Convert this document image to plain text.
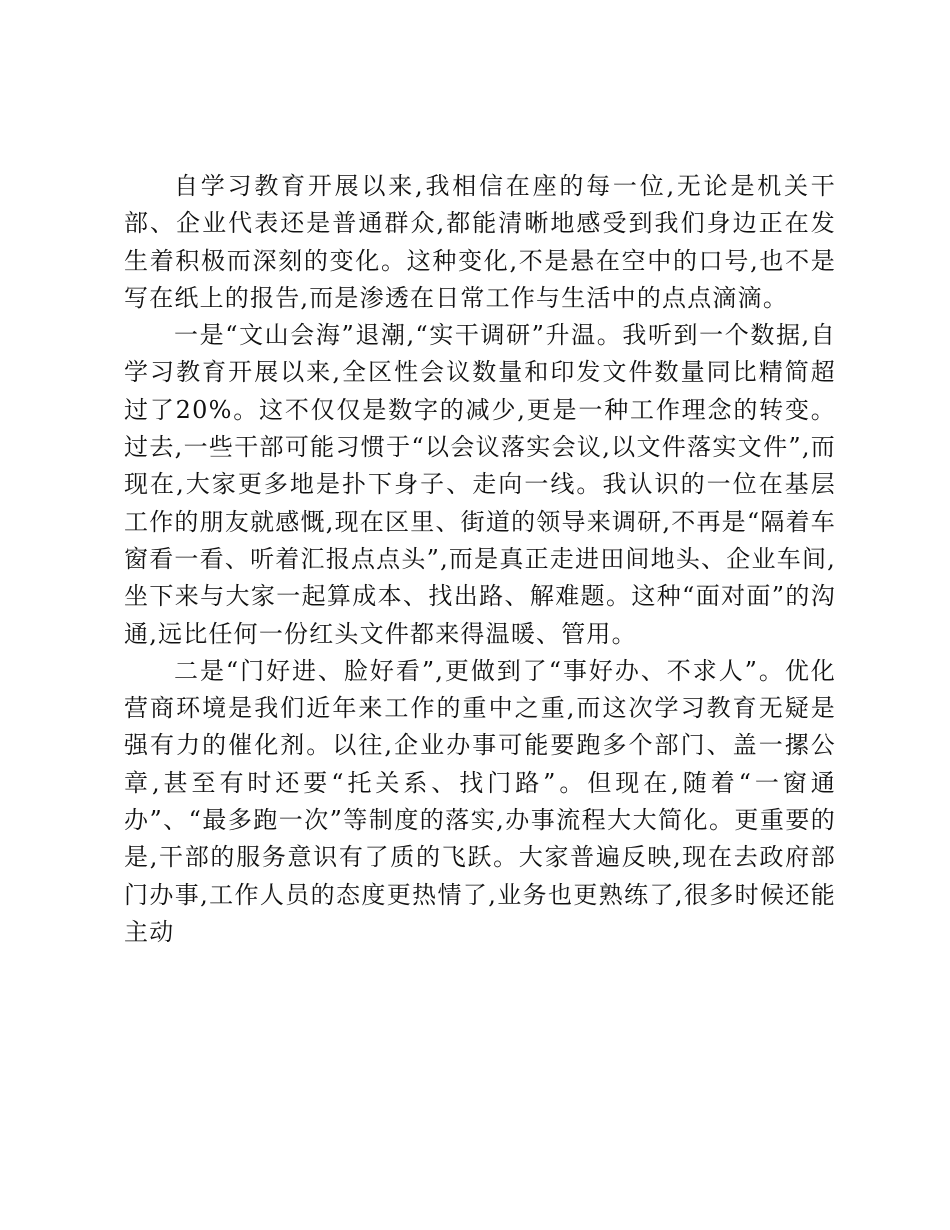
自学习教育开展以来,我相信在座的每一位,无论是机关干部、企业代表还是普通群众,都能清晰地感受到我们身边正在发生着积极而深刻的变化。这种变化,不是悬在空中的口号,也不是写在纸上的报告,而是渗透在日常工作与生活中的点点滴滴。

一是“文山会海”退潮,“实干调研”升温。我听到一个数据,自学习教育开展以来,全区性会议数量和印发文件数量同比精简超过了20%。这不仅仅是数字的减少,更是一种工作理念的转变。过去,一些干部可能习惯于“以会议落实会议,以文件落实文件”,而现在,大家更多地是扑下身子、走向一线。我认识的一位在基层工作的朋友就感慨,现在区里、街道的领导来调研,不再是“隔着车窗看一看、听着汇报点点头”,而是真正走进田间地头、企业车间,坐下来与大家一起算成本、找出路、解难题。这种“面对面”的沟通,远比任何一份红头文件都来得温暖、管用。

二是“门好进、脸好看”,更做到了“事好办、不求人”。优化营商环境是我们近年来工作的重中之重,而这次学习教育无疑是强有力的催化剂。以往,企业办事可能要跑多个部门、盖一摞公章,甚至有时还要“托关系、找门路”。但现在,随着“一窗通办”、“最多跑一次”等制度的落实,办事流程大大简化。更重要的是,干部的服务意识有了质的飞跃。大家普遍反映,现在去政府部门办事,工作人员的态度更热情了,业务也更熟练了,很多时候还能主动
